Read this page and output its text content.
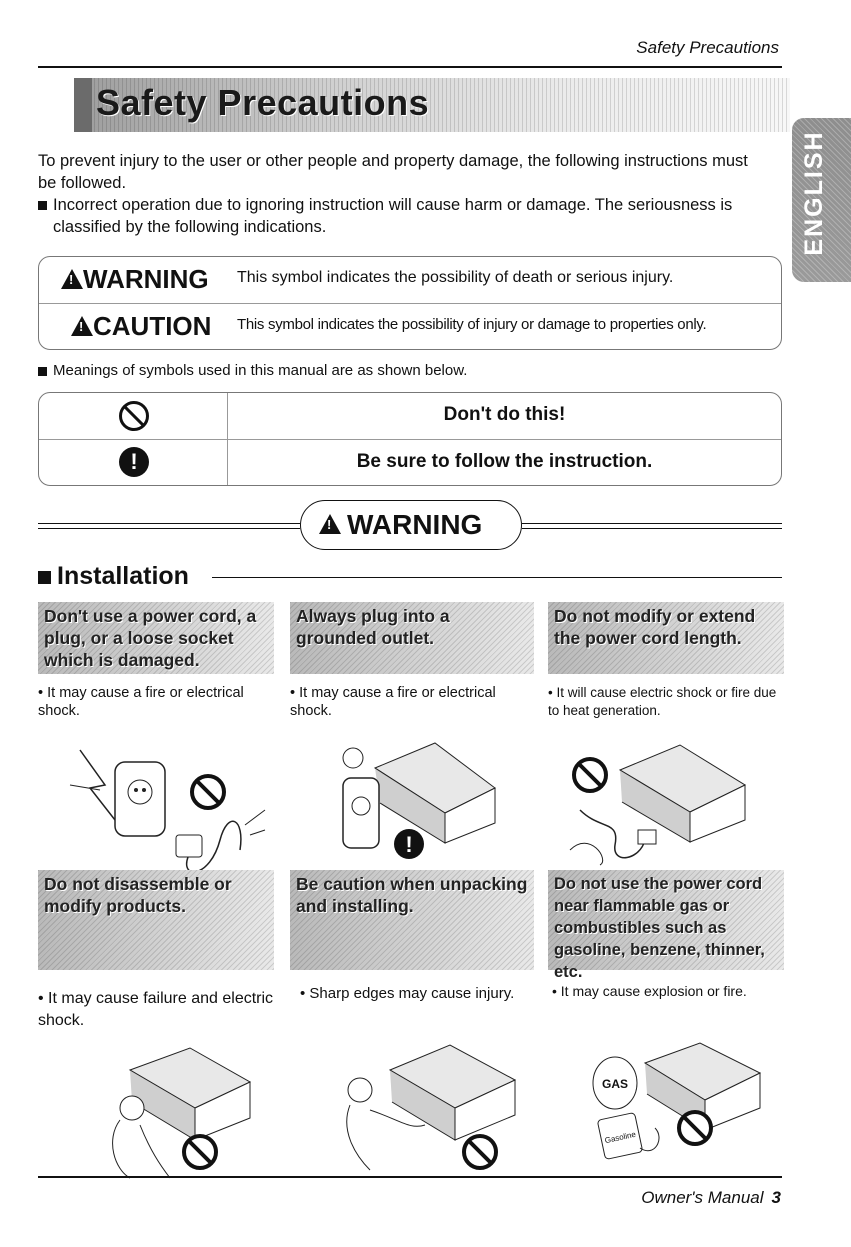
Safety Precautions
Safety Precautions
ENGLISH
To prevent injury to the user or other people and property damage, the following instructions must be followed.
Incorrect operation due to ignoring instruction will cause harm or damage. The seriousness is classified by the following indications.
!
WARNING This symbol indicates the possibility of death or serious injury.
!
CAUTION This symbol indicates the possibility of injury or damage to properties only.
Meanings of symbols used in this manual are as shown below.
Don't do this!
!	Be sure to follow the instruction.
!
WARNING
Installation
Don't use a power cord, a plug, or a loose socket which is damaged.
• It may cause a fire or electrical shock.
Always plug into a grounded outlet.
• It may cause a fire or electrical shock.
Do not modify or extend the power cord length.
• It will cause electric shock or fire due to heat generation.
!
Do not disassemble or modify products.
• It may cause failure and electric shock.
Be caution when unpacking and installing.
• Sharp edges may cause injury.
Do not use the power cord near flammable gas or combustibles such as gasoline, benzene, thinner, etc.
• It may cause explosion or fire.
GAS
Gasoline
Owner's Manual 3
